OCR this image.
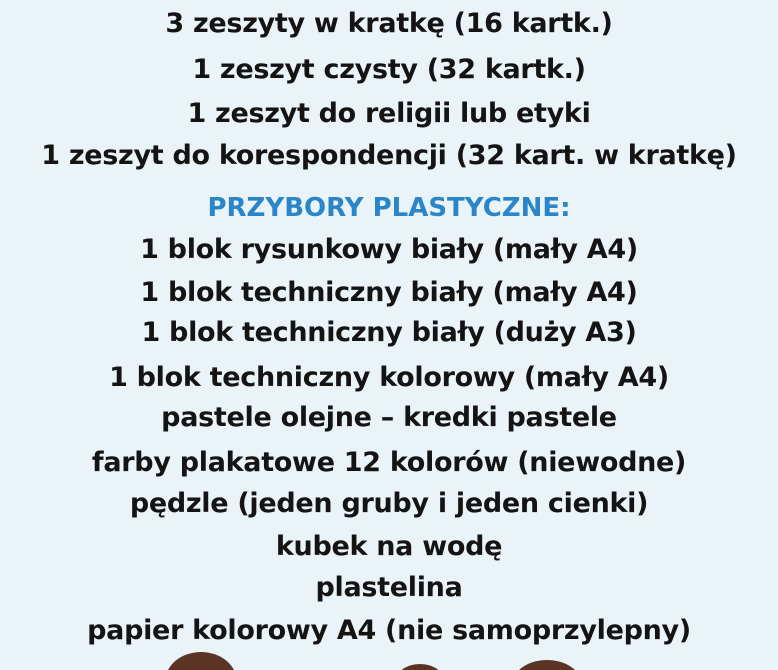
3 zeszyty w kratkę (16 kartk.)
1 zeszyt czysty (32 kartk.)
1 zeszyt do religii lub etyki
1 zeszyt do korespondencji (32 kart. w kratkę)
PRZYBORY PLASTYCZNE:
1 blok rysunkowy biały (mały A4)
1 blok techniczny biały (mały A4)
1 blok techniczny biały (duży A3)
1 blok techniczny kolorowy (mały A4)
pastele olejne – kredki pastele
farby plakatowe 12 kolorów (niewodne)
pędzle (jeden gruby i jeden cienki)
kubek na wodę
plastelina
papier kolorowy A4 (nie samoprzylepny)
